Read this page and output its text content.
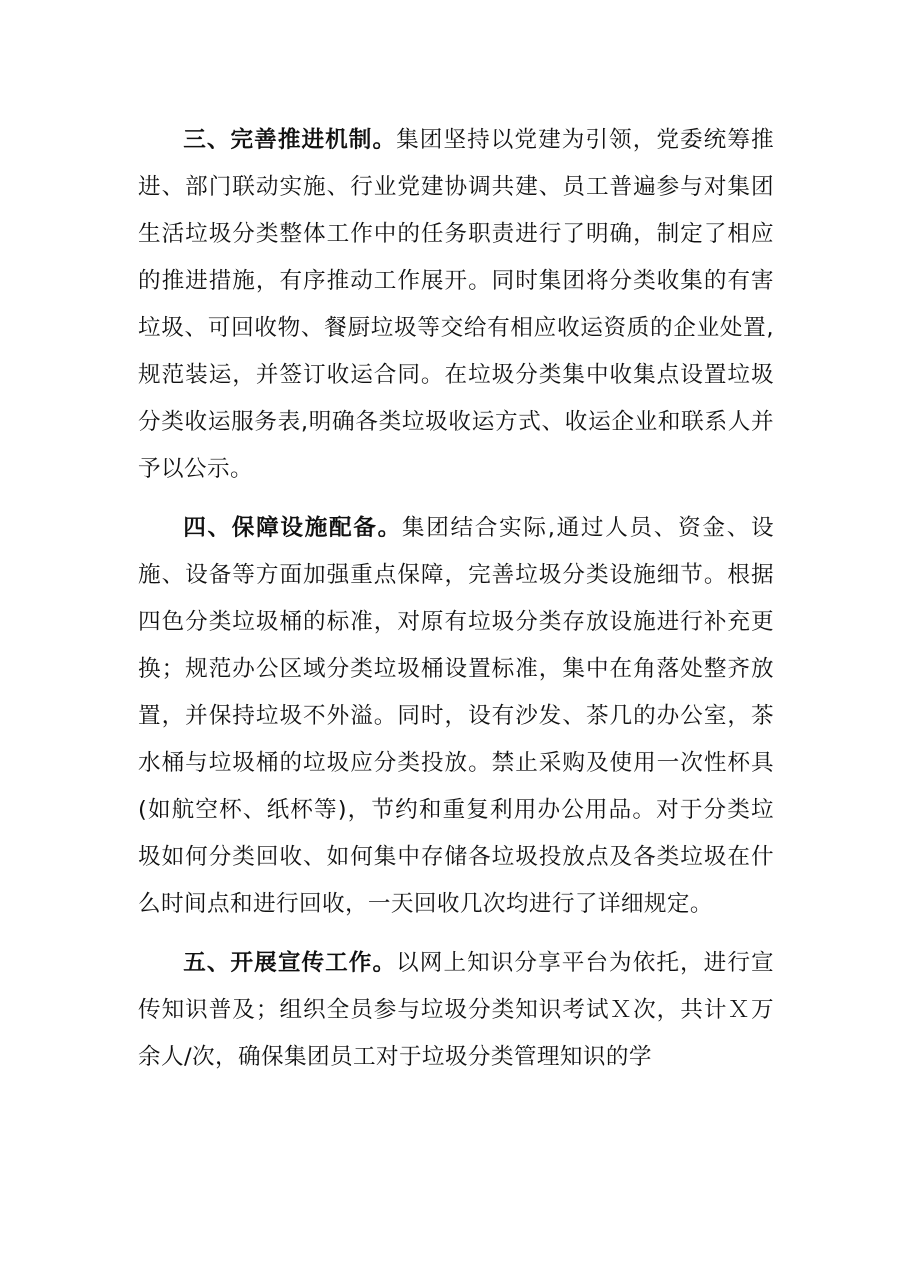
三、完善推进机制。集团坚持以党建为引领，党委统筹推进、部门联动实施、行业党建协调共建、员工普遍参与对集团生活垃圾分类整体工作中的任务职责进行了明确，制定了相应的推进措施，有序推动工作展开。同时集团将分类收集的有害垃圾、可回收物、餐厨垃圾等交给有相应收运资质的企业处置,规范装运，并签订收运合同。在垃圾分类集中收集点设置垃圾分类收运服务表,明确各类垃圾收运方式、收运企业和联系人并予以公示。

四、保障设施配备。集团结合实际,通过人员、资金、设施、设备等方面加强重点保障，完善垃圾分类设施细节。根据四色分类垃圾桶的标准，对原有垃圾分类存放设施进行补充更换；规范办公区域分类垃圾桶设置标准，集中在角落处整齐放置，并保持垃圾不外溢。同时，设有沙发、茶几的办公室，茶水桶与垃圾桶的垃圾应分类投放。禁止采购及使用一次性杯具(如航空杯、纸杯等)，节约和重复利用办公用品。对于分类垃圾如何分类回收、如何集中存储各垃圾投放点及各类垃圾在什么时间点和进行回收，一天回收几次均进行了详细规定。

五、开展宣传工作。以网上知识分享平台为依托，进行宣传知识普及；组织全员参与垃圾分类知识考试Ｘ次，共计Ｘ万余人/次，确保集团员工对于垃圾分类管理知识的学
